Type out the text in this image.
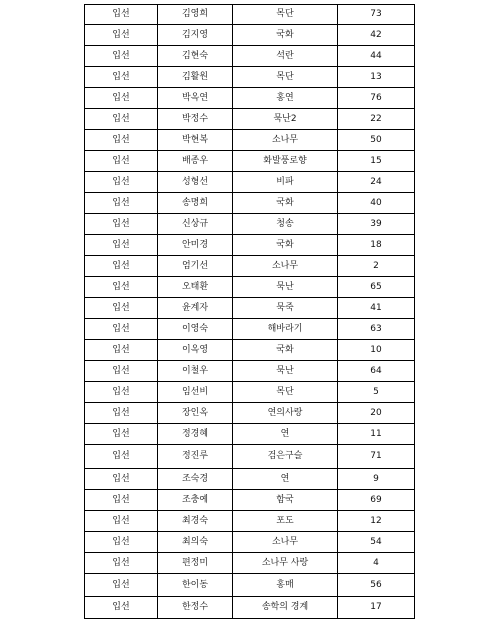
입선	김영희	목단	73
입선	김지영	국화	42
입선	김현숙	석란	44
입선	김활원	목단	13
입선	박옥연	홍연	76
입선	박정수	묵난2	22
입선	박현복	소나무	50
입선	배종우	화발풍로향	15
입선	성형선	비파	24
입선	송명희	국화	40
입선	신상규	청송	39
입선	안미경	국화	18
입선	엄기선	소나무	2
입선	오태환	묵난	65
입선	윤계자	묵죽	41
입선	이영숙	해바라기	63
입선	이옥영	국화	10
입선	이철우	묵난	64
입선	임선비	목단	5
입선	장인옥	연의사랑	20
입선	정경혜	연	11
입선	정진루	검은구슬	71
입선	조숙경	연	9
입선	조충예	함국	69
입선	최경숙	포도	12
입선	최의숙	소나무	54
입선	편정미	소나무 사랑	4
입선	한이동	홍매	56
입선	한정수	송학의 경계	17
